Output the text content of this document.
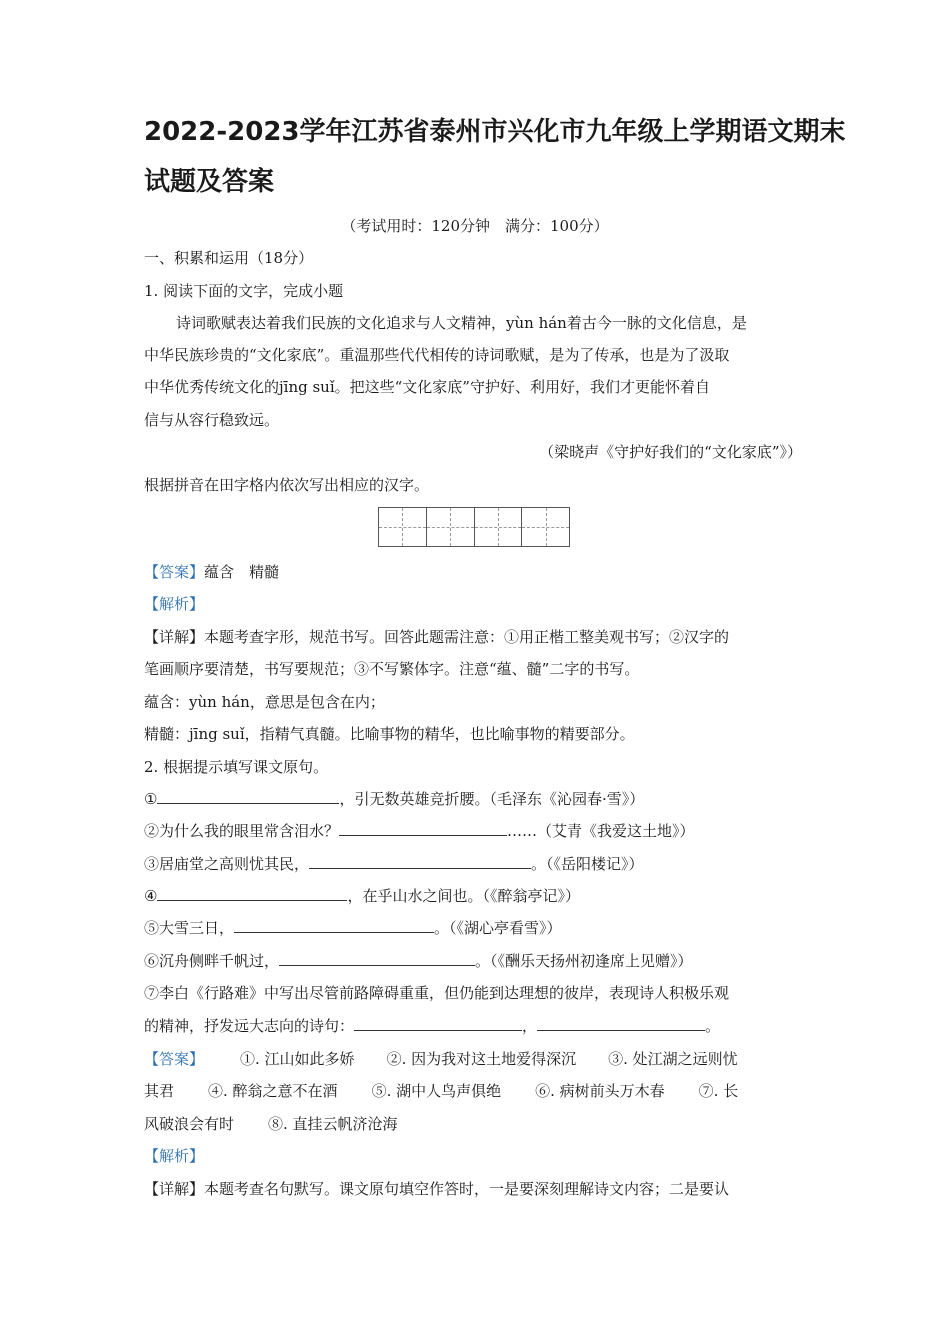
2022-2023学年江苏省泰州市兴化市九年级上学期语文期末
试题及答案
（考试用时：120分钟　满分：100分）
一、积累和运用（18分）
1. 阅读下面的文字，完成小题
诗词歌赋表达着我们民族的文化追求与人文精神，yùn hán着古今一脉的文化信息，是
中华民族珍贵的“文化家底”。重温那些代代相传的诗词歌赋，是为了传承，也是为了汲取
中华优秀传统文化的jīng suǐ。把这些“文化家底”守护好、利用好，我们才更能怀着自
信与从容行稳致远。
（梁晓声《守护好我们的“文化家底”》）
根据拼音在田字格内依次写出相应的汉字。
【答案】蕴含　精髓
【解析】
【详解】本题考查字形，规范书写。回答此题需注意：①用正楷工整美观书写；②汉字的
笔画顺序要清楚，书写要规范；③不写繁体字。注意“蕴、髓”二字的书写。
蕴含：yùn hán，意思是包含在内；
精髓：jīng suǐ，指精气真髓。比喻事物的精华，也比喻事物的精要部分。
2. 根据提示填写课文原句。
①	，引无数英雄竞折腰。（毛泽东《沁园春·雪》）
②为什么我的眼里常含泪水？	……（艾青《我爱这土地》）
③居庙堂之高则忧其民，	。（《岳阳楼记》）
④	，在乎山水之间也。（《醉翁亭记》）
⑤大雪三日，	。（《湖心亭看雪》）
⑥沉舟侧畔千帆过，	。（《酬乐天扬州初逢席上见赠》）
⑦李白《行路难》中写出尽管前路障碍重重，但仍能到达理想的彼岸，表现诗人积极乐观
的精神，抒发远大志向的诗句：	，	。
【答案】 ①. 江山如此多娇 ②. 因为我对这土地爱得深沉 ③. 处江湖之远则忧
其君 ④. 醉翁之意不在酒 ⑤. 湖中人鸟声俱绝 ⑥. 病树前头万木春 ⑦. 长
风破浪会有时 ⑧. 直挂云帆济沧海
【解析】
【详解】本题考查名句默写。课文原句填空作答时，一是要深刻理解诗文内容；二是要认
